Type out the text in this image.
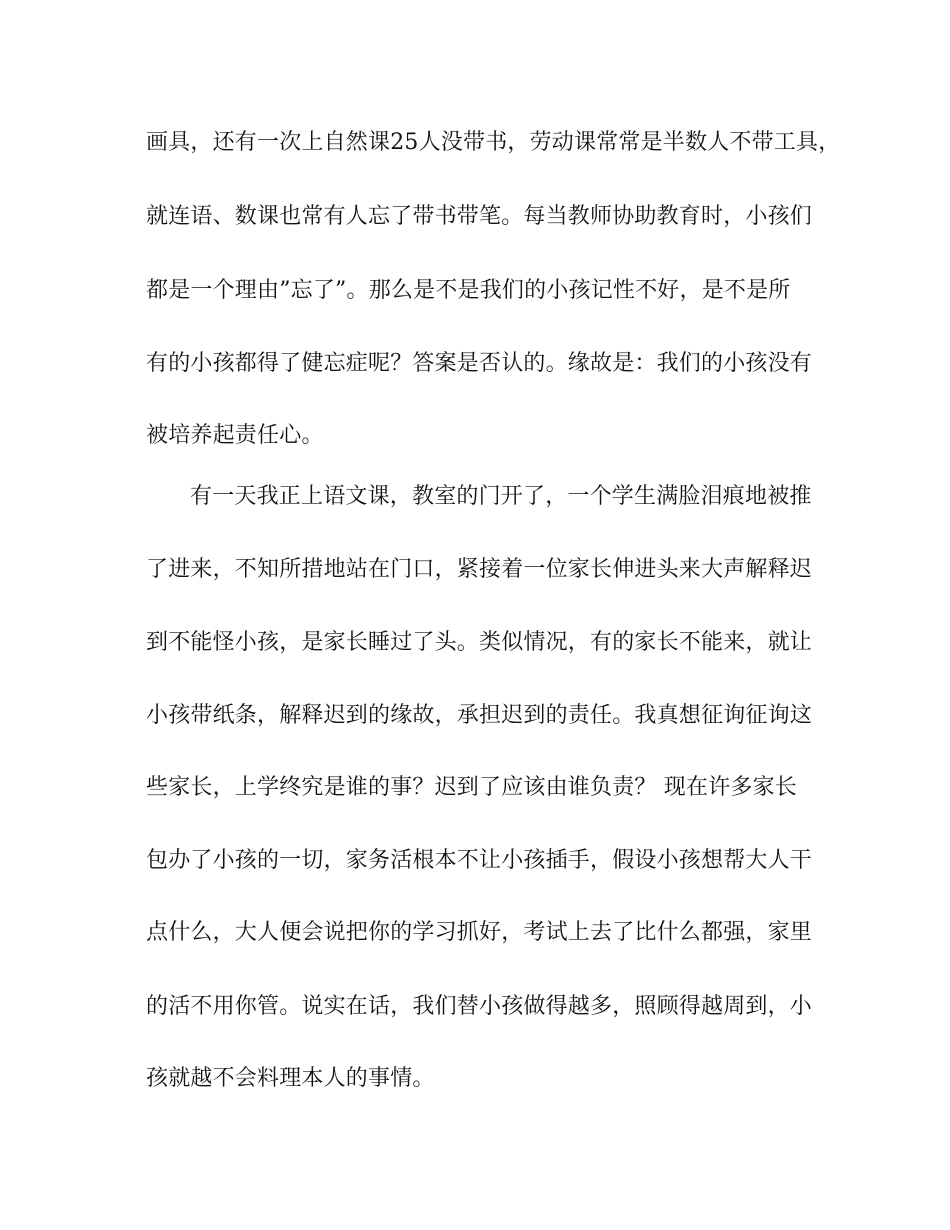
画具，还有一次上自然课25人没带书，劳动课常常是半数人不带工具，
就连语、数课也常有人忘了带书带笔。每当教师协助教育时，小孩们
都是一个理由”忘了”。那么是不是我们的小孩记性不好，是不是所
有的小孩都得了健忘症呢？答案是否认的。缘故是：我们的小孩没有
被培养起责任心。
有一天我正上语文课，教室的门开了，一个学生满脸泪痕地被推
了进来，不知所措地站在门口，紧接着一位家长伸进头来大声解释迟
到不能怪小孩，是家长睡过了头。类似情况，有的家长不能来，就让
小孩带纸条，解释迟到的缘故，承担迟到的责任。我真想征询征询这
些家长，上学终究是谁的事？迟到了应该由谁负责？ 现在许多家长
包办了小孩的一切，家务活根本不让小孩插手，假设小孩想帮大人干
点什么，大人便会说把你的学习抓好，考试上去了比什么都强，家里
的活不用你管。说实在话，我们替小孩做得越多，照顾得越周到，小
孩就越不会料理本人的事情。
